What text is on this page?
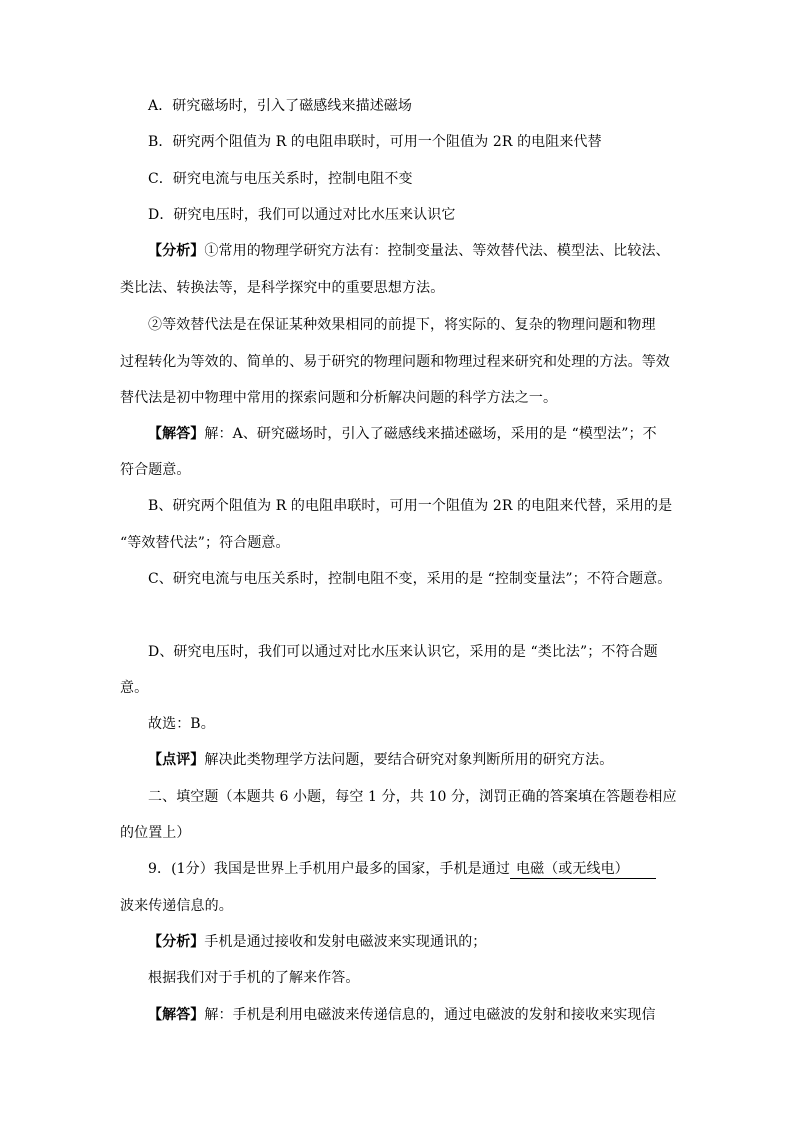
A．研究磁场时，引入了磁感线来描述磁场
B．研究两个阻值为 R 的电阻串联时，可用一个阻值为 2R 的电阻来代替
C．研究电流与电压关系时，控制电阻不变
D．研究电压时，我们可以通过对比水压来认识它
【分析】①常用的物理学研究方法有：控制变量法、等效替代法、模型法、比较法、
类比法、转换法等，是科学探究中的重要思想方法。
②等效替代法是在保证某种效果相同的前提下，将实际的、复杂的物理问题和物理
过程转化为等效的、简单的、易于研究的物理问题和物理过程来研究和处理的方法。等效
替代法是初中物理中常用的探索问题和分析解决问题的科学方法之一。
【解答】解：A、研究磁场时，引入了磁感线来描述磁场，采用的是 “模型法”；不
符合题意。
B、研究两个阻值为 R 的电阻串联时，可用一个阻值为 2R 的电阻来代替，采用的是
“等效替代法”；符合题意。
C、研究电流与电压关系时，控制电阻不变，采用的是 “控制变量法”；不符合题意。
D、研究电压时，我们可以通过对比水压来认识它，采用的是 “类比法”；不符合题
意。
故选：B。
【点评】解决此类物理学方法问题，要结合研究对象判断所用的研究方法。
二、填空题（本题共 6 小题，每空 1 分，共 10 分，浏罚正确的答案填在答题卷相应
的位置上）
9．(1分）我国是世界上手机用户最多的国家，手机是通过 电磁（或无线电）
波来传递信息的。
【分析】手机是通过接收和发射电磁波来实现通讯的；
根据我们对于手机的了解来作答。
【解答】解：手机是利用电磁波来传递信息的，通过电磁波的发射和接收来实现信
